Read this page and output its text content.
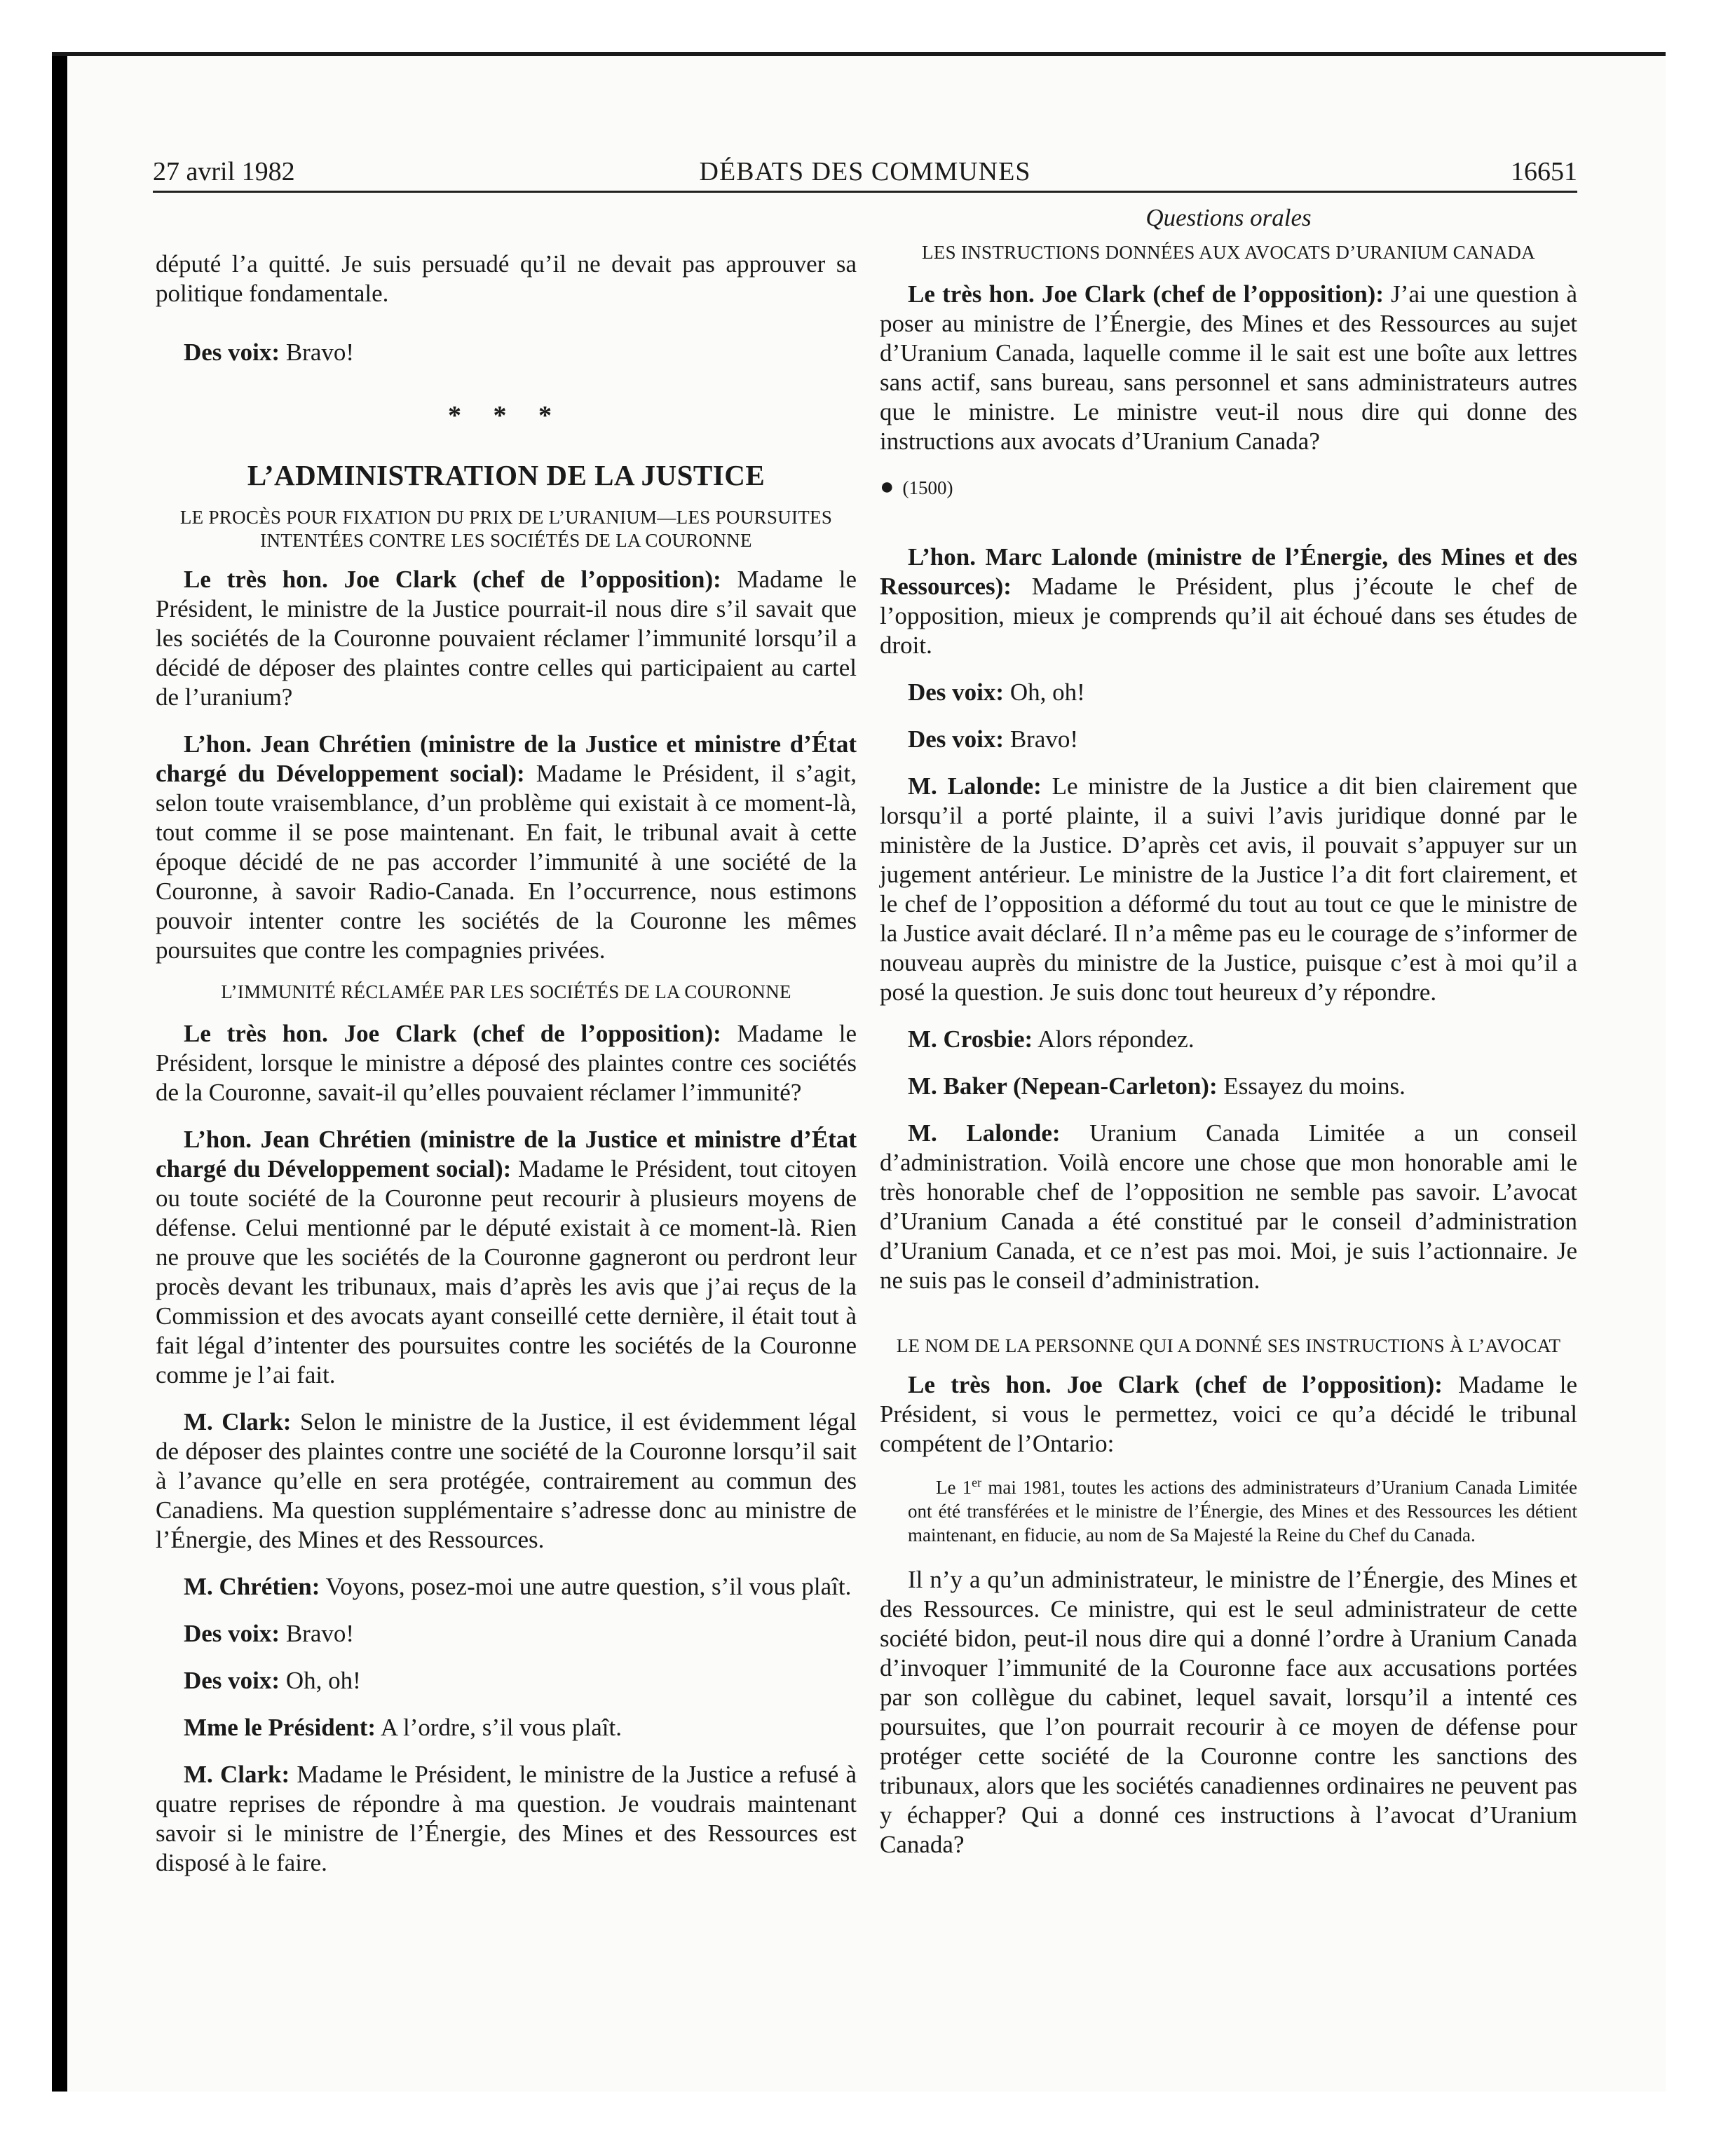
27 avril 1982	DÉBATS DES COMMUNES	16651

député l’a quitté. Je suis persuadé qu’il ne devait pas approuver sa politique fondamentale.

Des voix: Bravo!

* * *

L’ADMINISTRATION DE LA JUSTICE

LE PROCÈS POUR FIXATION DU PRIX DE L’URANIUM—LES POURSUITES INTENTÉES CONTRE LES SOCIÉTÉS DE LA COURONNE

Le très hon. Joe Clark (chef de l’opposition): Madame le Président, le ministre de la Justice pourrait-il nous dire s’il savait que les sociétés de la Couronne pouvaient réclamer l’immunité lorsqu’il a décidé de déposer des plaintes contre celles qui participaient au cartel de l’uranium?

L’hon. Jean Chrétien (ministre de la Justice et ministre d’État chargé du Développement social): Madame le Président, il s’agit, selon toute vraisemblance, d’un problème qui existait à ce moment-là, tout comme il se pose maintenant. En fait, le tribunal avait à cette époque décidé de ne pas accorder l’immunité à une société de la Couronne, à savoir Radio-Canada. En l’occurrence, nous estimons pouvoir intenter contre les sociétés de la Couronne les mêmes poursuites que contre les compagnies privées.

L’IMMUNITÉ RÉCLAMÉE PAR LES SOCIÉTÉS DE LA COURONNE

Le très hon. Joe Clark (chef de l’opposition): Madame le Président, lorsque le ministre a déposé des plaintes contre ces sociétés de la Couronne, savait-il qu’elles pouvaient réclamer l’immunité?

L’hon. Jean Chrétien (ministre de la Justice et ministre d’État chargé du Développement social): Madame le Président, tout citoyen ou toute société de la Couronne peut recourir à plusieurs moyens de défense. Celui mentionné par le député existait à ce moment-là. Rien ne prouve que les sociétés de la Couronne gagneront ou perdront leur procès devant les tribunaux, mais d’après les avis que j’ai reçus de la Commission et des avocats ayant conseillé cette dernière, il était tout à fait légal d’intenter des poursuites contre les sociétés de la Couronne comme je l’ai fait.

M. Clark: Selon le ministre de la Justice, il est évidemment légal de déposer des plaintes contre une société de la Couronne lorsqu’il sait à l’avance qu’elle en sera protégée, contrairement au commun des Canadiens. Ma question supplémentaire s’adresse donc au ministre de l’Énergie, des Mines et des Ressources.

M. Chrétien: Voyons, posez-moi une autre question, s’il vous plaît.

Des voix: Bravo!

Des voix: Oh, oh!

Mme le Président: A l’ordre, s’il vous plaît.

M. Clark: Madame le Président, le ministre de la Justice a refusé à quatre reprises de répondre à ma question. Je voudrais maintenant savoir si le ministre de l’Énergie, des Mines et des Ressources est disposé à le faire.

Questions orales

LES INSTRUCTIONS DONNÉES AUX AVOCATS D’URANIUM CANADA

Le très hon. Joe Clark (chef de l’opposition): J’ai une question à poser au ministre de l’Énergie, des Mines et des Ressources au sujet d’Uranium Canada, laquelle comme il le sait est une boîte aux lettres sans actif, sans bureau, sans personnel et sans administrateurs autres que le ministre. Le ministre veut-il nous dire qui donne des instructions aux avocats d’Uranium Canada?

● (1500)

L’hon. Marc Lalonde (ministre de l’Énergie, des Mines et des Ressources): Madame le Président, plus j’écoute le chef de l’opposition, mieux je comprends qu’il ait échoué dans ses études de droit.

Des voix: Oh, oh!

Des voix: Bravo!

M. Lalonde: Le ministre de la Justice a dit bien clairement que lorsqu’il a porté plainte, il a suivi l’avis juridique donné par le ministère de la Justice. D’après cet avis, il pouvait s’appuyer sur un jugement antérieur. Le ministre de la Justice l’a dit fort clairement, et le chef de l’opposition a déformé du tout au tout ce que le ministre de la Justice avait déclaré. Il n’a même pas eu le courage de s’informer de nouveau auprès du ministre de la Justice, puisque c’est à moi qu’il a posé la question. Je suis donc tout heureux d’y répondre.

M. Crosbie: Alors répondez.

M. Baker (Nepean-Carleton): Essayez du moins.

M. Lalonde: Uranium Canada Limitée a un conseil d’administration. Voilà encore une chose que mon honorable ami le très honorable chef de l’opposition ne semble pas savoir. L’avocat d’Uranium Canada a été constitué par le conseil d’administration d’Uranium Canada, et ce n’est pas moi. Moi, je suis l’actionnaire. Je ne suis pas le conseil d’administration.

LE NOM DE LA PERSONNE QUI A DONNÉ SES INSTRUCTIONS À L’AVOCAT

Le très hon. Joe Clark (chef de l’opposition): Madame le Président, si vous le permettez, voici ce qu’a décidé le tribunal compétent de l’Ontario:

Le 1er mai 1981, toutes les actions des administrateurs d’Uranium Canada Limitée ont été transférées et le ministre de l’Énergie, des Mines et des Ressources les détient maintenant, en fiducie, au nom de Sa Majesté la Reine du Chef du Canada.

Il n’y a qu’un administrateur, le ministre de l’Énergie, des Mines et des Ressources. Ce ministre, qui est le seul administrateur de cette société bidon, peut-il nous dire qui a donné l’ordre à Uranium Canada d’invoquer l’immunité de la Couronne face aux accusations portées par son collègue du cabinet, lequel savait, lorsqu’il a intenté ces poursuites, que l’on pourrait recourir à ce moyen de défense pour protéger cette société de la Couronne contre les sanctions des tribunaux, alors que les sociétés canadiennes ordinaires ne peuvent pas y échapper? Qui a donné ces instructions à l’avocat d’Uranium Canada?
